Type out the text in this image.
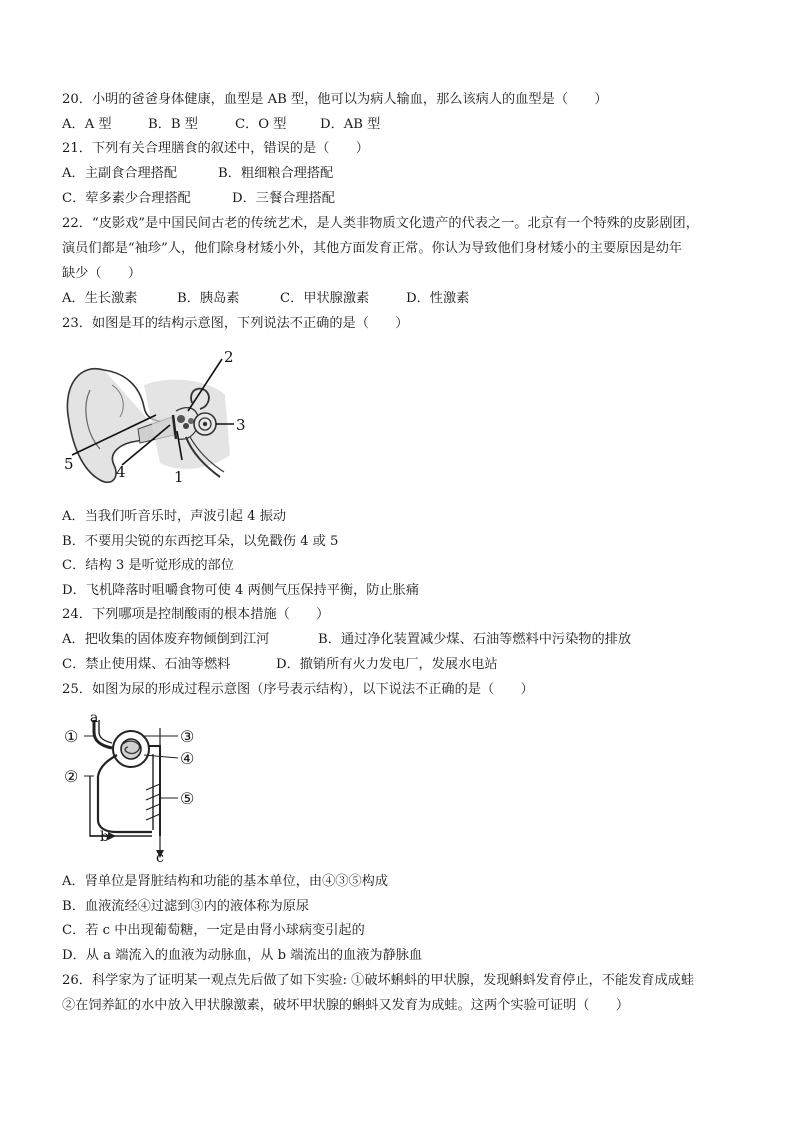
20．小明的爸爸身体健康，血型是 AB 型，他可以为病人输血，那么该病人的血型是（　　）
A．A 型	B．B 型	C．O 型	D．AB 型
21．下列有关合理膳食的叙述中，错误的是（　　）
A．主副食合理搭配	B．粗细粮合理搭配
C．荤多素少合理搭配	D．三餐合理搭配
22．“皮影戏”是中国民间古老的传统艺术，是人类非物质文化遗产的代表之一。北京有一个特殊的皮影剧团，
演员们都是“袖珍”人，他们除身材矮小外，其他方面发育正常。你认为导致他们身材矮小的主要原因是幼年
缺少（　　）
A．生长激素	B．胰岛素	C．甲状腺激素	D．性激素
23．如图是耳的结构示意图，下列说法不正确的是（　　）
2
3
1
4
5
A．当我们听音乐时，声波引起 4 振动
B．不要用尖锐的东西挖耳朵，以免戳伤 4 或 5
C．结构 3 是听觉形成的部位
D．飞机降落时咀嚼食物可使 4 两侧气压保持平衡，防止胀痛
24．下列哪项是控制酸雨的根本措施（　　）
A．把收集的固体废弃物倾倒到江河	B．通过净化装置减少煤、石油等燃料中污染物的排放
C．禁止使用煤、石油等燃料	D．撤销所有火力发电厂，发展水电站
25．如图为尿的形成过程示意图（序号表示结构），以下说法不正确的是（　　）
a
①
②
③
④
⑤
b
c
A．肾单位是肾脏结构和功能的基本单位，由④③⑤构成
B．血液流经④过滤到③内的液体称为原尿
C．若 c 中出现葡萄糖，一定是由肾小球病变引起的
D．从 a 端流入的血液为动脉血，从 b 端流出的血液为静脉血
26．科学家为了证明某一观点先后做了如下实验: ①破坏蝌蚪的甲状腺，发现蝌蚪发育停止，不能发育成成蛙
②在饲养缸的水中放入甲状腺激素，破坏甲状腺的蝌蚪又发育为成蛙。这两个实验可证明（　　）
